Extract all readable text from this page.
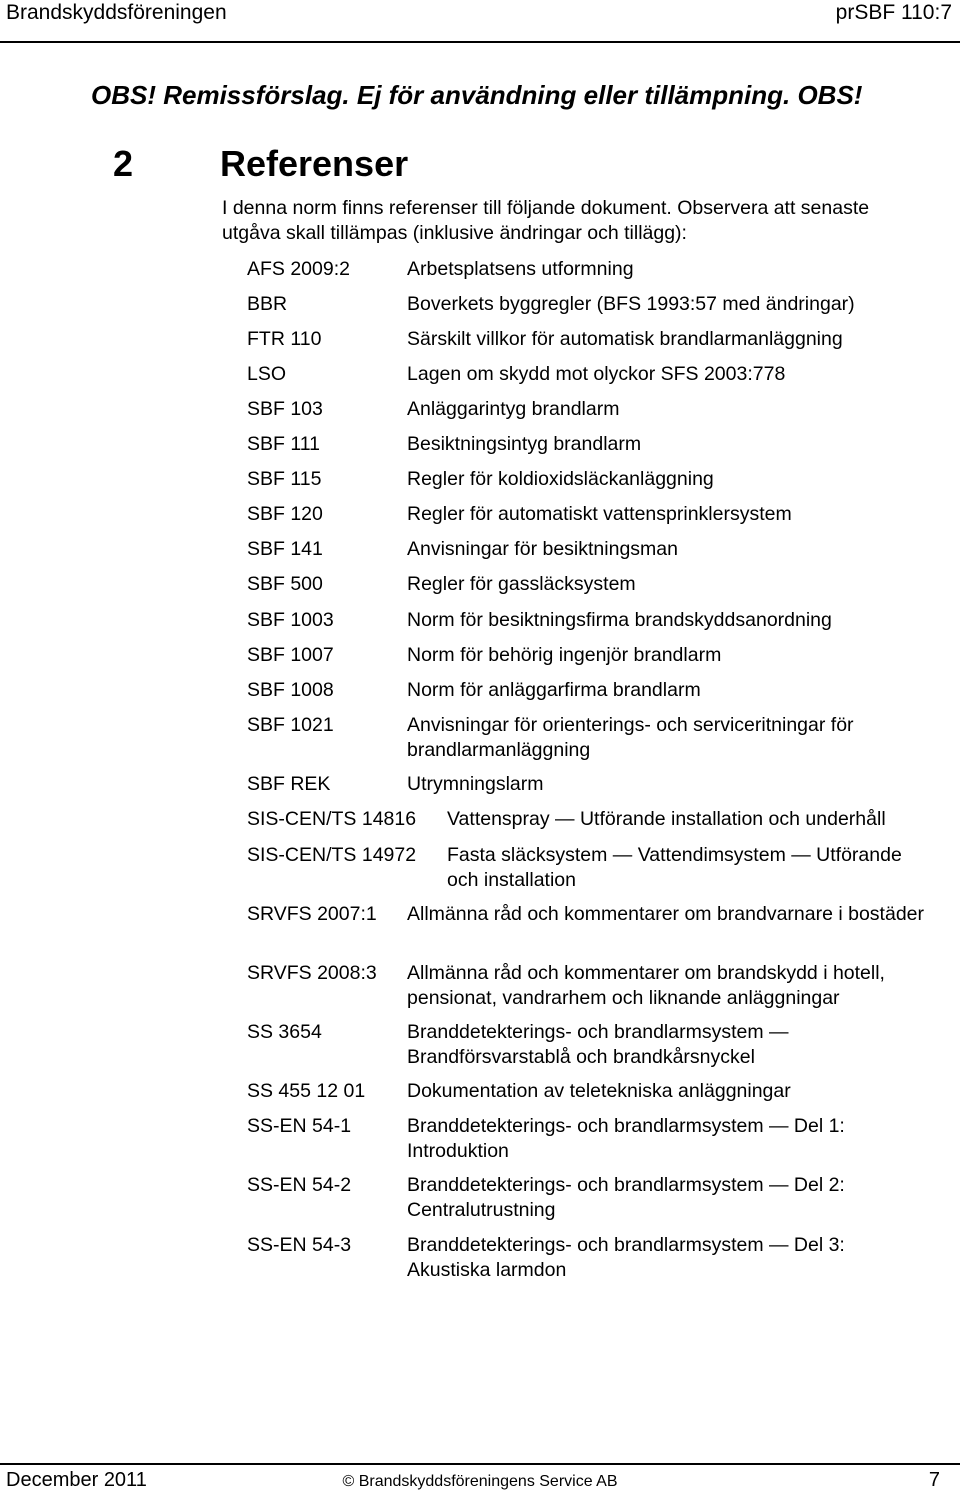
Brandskyddsföreningen	prSBF 110:7
OBS! Remissförslag. Ej för användning eller tillämpning. OBS!
2 Referenser
I denna norm finns referenser till följande dokument. Observera att senaste utgåva skall tillämpas (inklusive ändringar och tillägg):
AFS 2009:2	Arbetsplatsens utformning
BBR	Boverkets byggregler (BFS 1993:57 med ändringar)
FTR 110	Särskilt villkor för automatisk brandlarmanläggning
LSO	Lagen om skydd mot olyckor SFS 2003:778
SBF 103	Anläggarintyg brandlarm
SBF 111	Besiktningsintyg brandlarm
SBF 115	Regler för koldioxidsläckanläggning
SBF 120	Regler för automatiskt vattensprinklersystem
SBF 141	Anvisningar för besiktningsman
SBF 500	Regler för gassläcksystem
SBF 1003	Norm för besiktningsfirma brandskyddsanordning
SBF 1007	Norm för behörig ingenjör brandlarm
SBF 1008	Norm för anläggarfirma brandlarm
SBF 1021	Anvisningar för orienterings- och serviceritningar för brandlarmanläggning
SBF REK	Utrymningslarm
SIS-CEN/TS 14816 Vattenspray — Utförande installation och underhåll
SIS-CEN/TS 14972 Fasta släcksystem — Vattendimsystem — Utförande och installation
SRVFS 2007:1 Allmänna råd och kommentarer om brandvarnare i bostäder
SRVFS 2008:3 Allmänna råd och kommentarer om brandskydd i hotell, pensionat, vandrarhem och liknande anläggningar
SS 3654	Branddetekterings- och brandlarmsystem — Brandförsvarstablå och brandkårsnyckel
SS 455 12 01 Dokumentation av teletekniska anläggningar
SS-EN 54-1	Branddetekterings- och brandlarmsystem — Del 1: Introduktion
SS-EN 54-2	Branddetekterings- och brandlarmsystem — Del 2: Centralutrustning
SS-EN 54-3	Branddetekterings- och brandlarmsystem — Del 3: Akustiska larmdon
December 2011	© Brandskyddsföreningens Service AB	7
